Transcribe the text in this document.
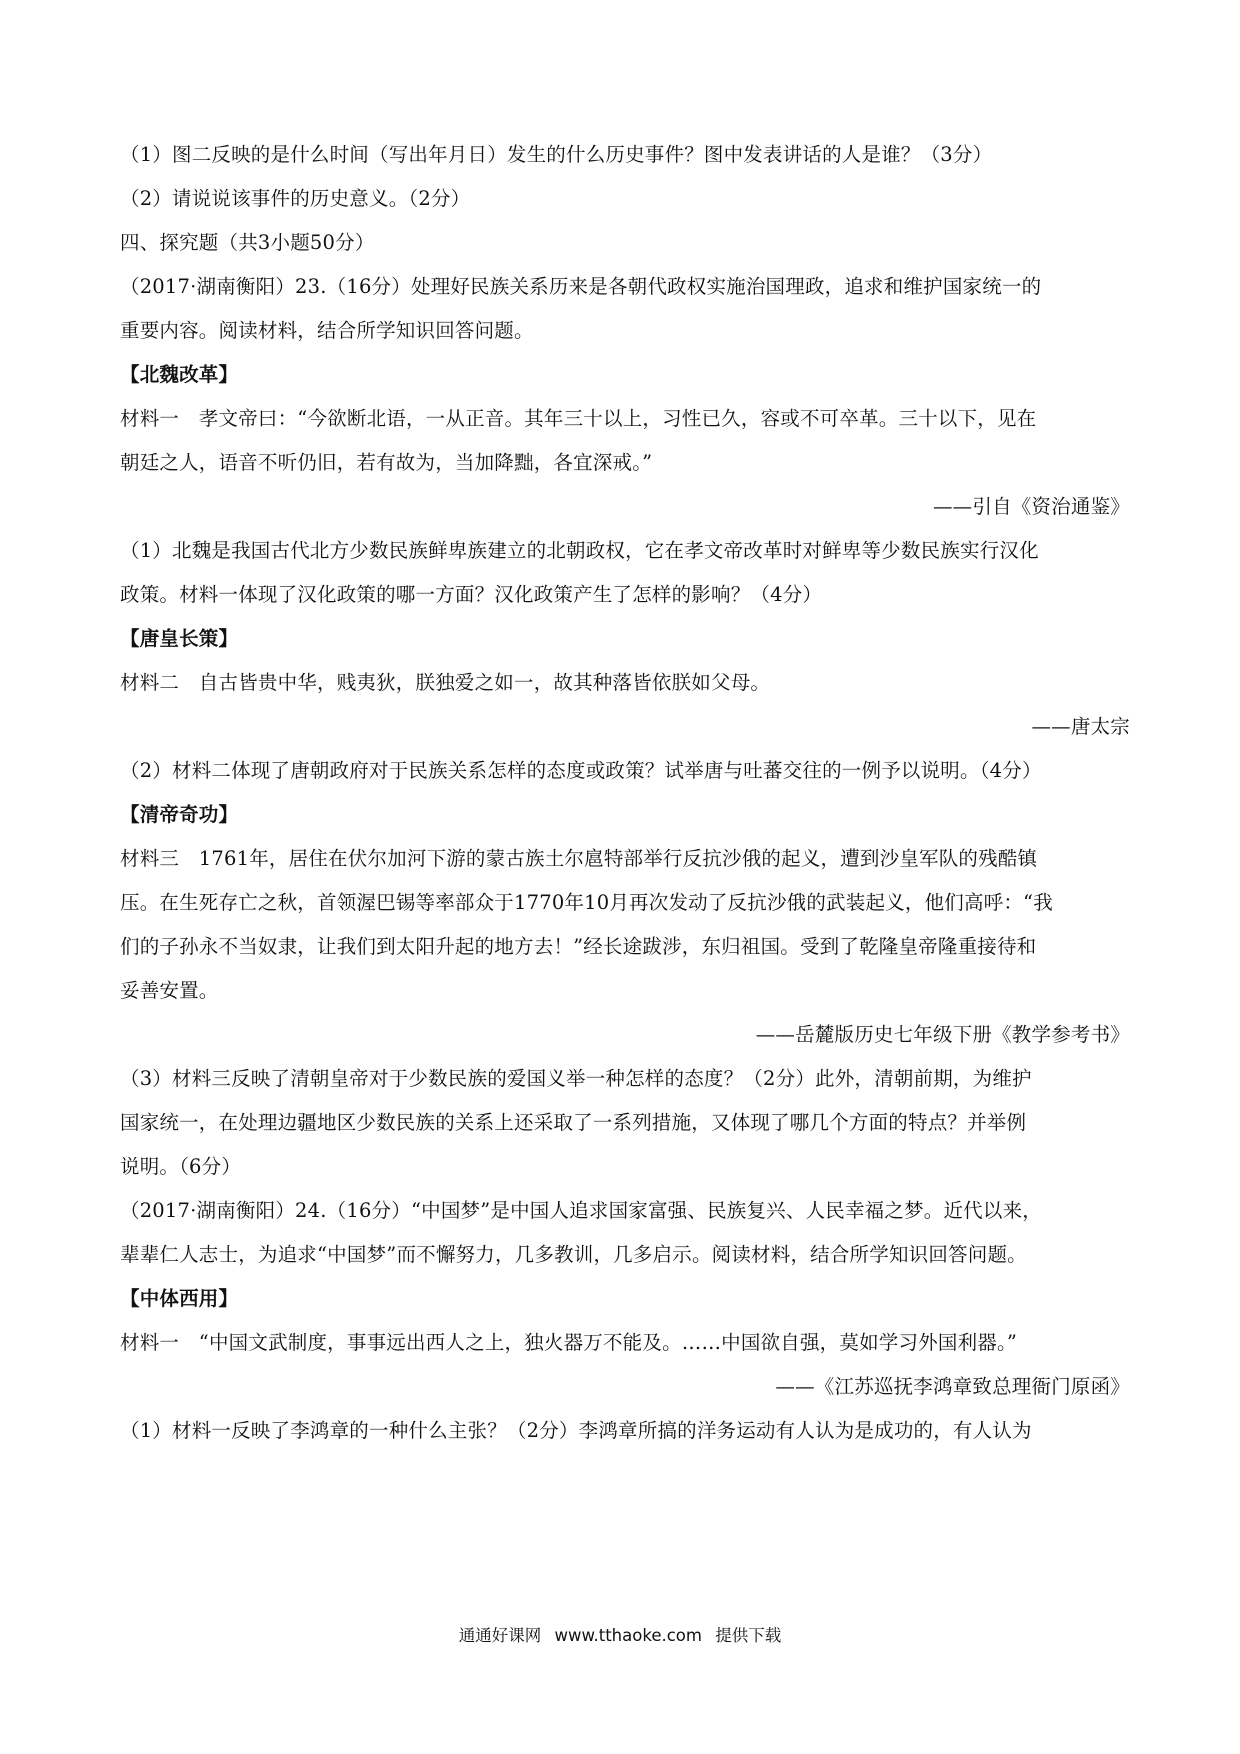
（1）图二反映的是什么时间（写出年月日）发生的什么历史事件？图中发表讲话的人是谁？（3分）
（2）请说说该事件的历史意义。（2分）
四、探究题（共3小题50分）
（2017·湖南衡阳）23.（16分）处理好民族关系历来是各朝代政权实施治国理政，追求和维护国家统一的
重要内容。阅读材料，结合所学知识回答问题。
【北魏改革】
材料一　孝文帝曰：“今欲断北语，一从正音。其年三十以上，习性已久，容或不可卒革。三十以下，见在
朝廷之人，语音不听仍旧，若有故为，当加降黜，各宜深戒。”
——引自《资治通鉴》
（1）北魏是我国古代北方少数民族鲜卑族建立的北朝政权，它在孝文帝改革时对鲜卑等少数民族实行汉化
政策。材料一体现了汉化政策的哪一方面？汉化政策产生了怎样的影响？（4分）
【唐皇长策】
材料二　自古皆贵中华，贱夷狄，朕独爱之如一，故其种落皆依朕如父母。
——唐太宗
（2）材料二体现了唐朝政府对于民族关系怎样的态度或政策？试举唐与吐蕃交往的一例予以说明。（4分）
【清帝奇功】
材料三　1761年，居住在伏尔加河下游的蒙古族土尔扈特部举行反抗沙俄的起义，遭到沙皇军队的残酷镇
压。在生死存亡之秋，首领渥巴锡等率部众于1770年10月再次发动了反抗沙俄的武装起义，他们高呼：“我
们的子孙永不当奴隶，让我们到太阳升起的地方去！”经长途跋涉，东归祖国。受到了乾隆皇帝隆重接待和
妥善安置。
——岳麓版历史七年级下册《教学参考书》
（3）材料三反映了清朝皇帝对于少数民族的爱国义举一种怎样的态度？（2分）此外，清朝前期，为维护
国家统一，在处理边疆地区少数民族的关系上还采取了一系列措施，又体现了哪几个方面的特点？并举例
说明。（6分）
（2017·湖南衡阳）24.（16分）“中国梦”是中国人追求国家富强、民族复兴、人民幸福之梦。近代以来，
辈辈仁人志士，为追求“中国梦”而不懈努力，几多教训，几多启示。阅读材料，结合所学知识回答问题。
【中体西用】
材料一　“中国文武制度，事事远出西人之上，独火器万不能及。……中国欲自强，莫如学习外国利器。”
——《江苏巡抚李鸿章致总理衙门原函》
（1）材料一反映了李鸿章的一种什么主张？（2分）李鸿章所搞的洋务运动有人认为是成功的，有人认为
通通好课网 www.tthaoke.com 提供下载
